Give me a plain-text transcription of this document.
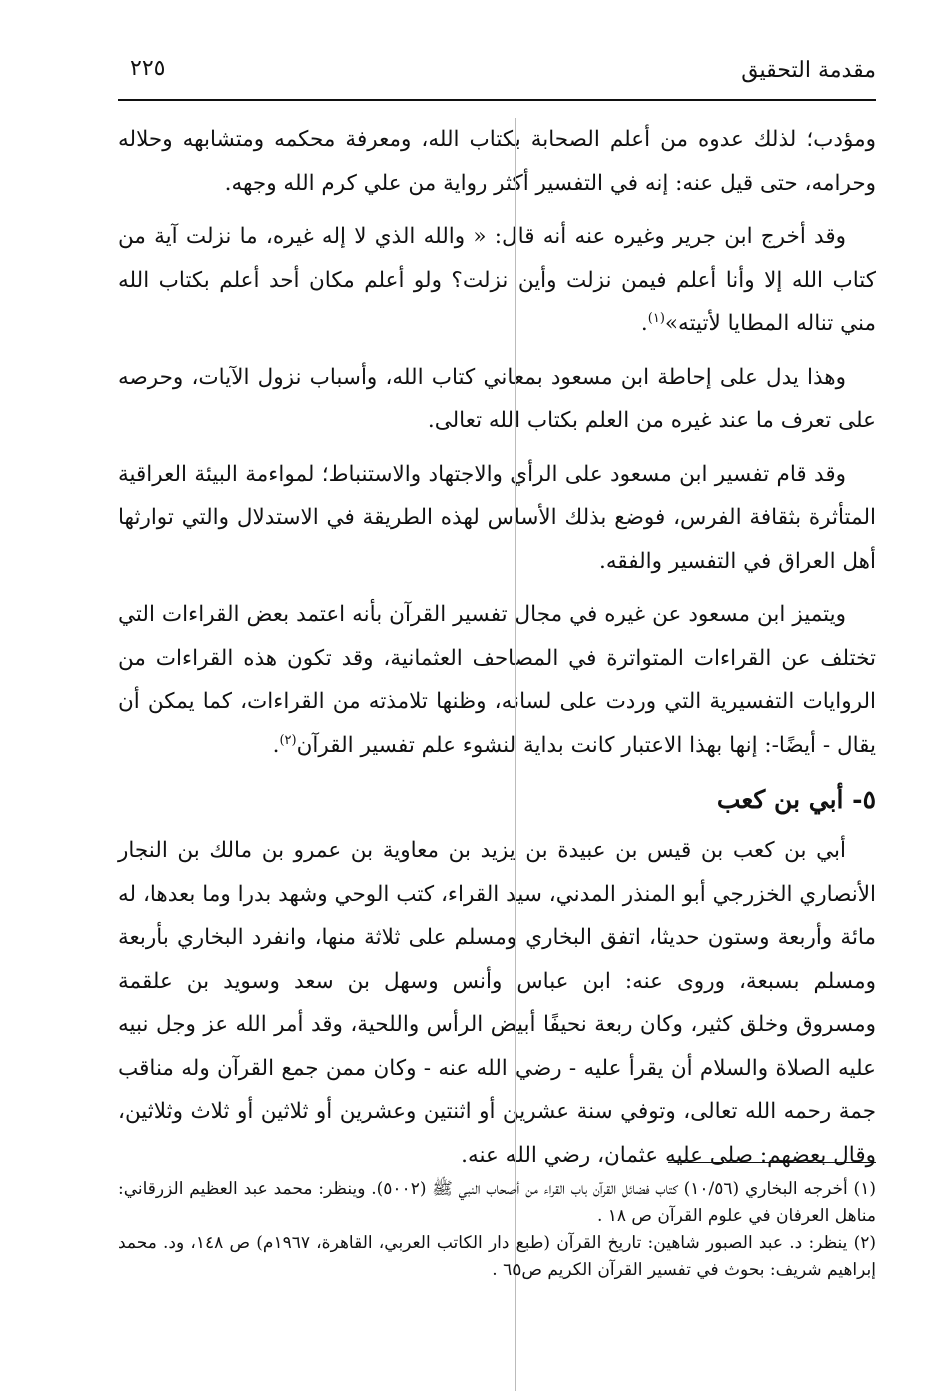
مقدمة التحقيق
٢٢٥

ومؤدب؛ لذلك عدوه من أعلم الصحابة بكتاب الله، ومعرفة محكمه ومتشابهه وحلاله وحرامه، حتى قيل عنه: إنه في التفسير أكثر رواية من علي كرم الله وجهه.

وقد أخرج ابن جرير وغيره عنه أنه قال: « والله الذي لا إله غيره، ما نزلت آية من كتاب الله إلا وأنا أعلم فيمن نزلت وأين نزلت؟ ولو أعلم مكان أحد أعلم بكتاب الله مني تناله المطايا لأتيته»$^{(١)}$.

وهذا يدل على إحاطة ابن مسعود بمعاني كتاب الله، وأسباب نزول الآيات، وحرصه على تعرف ما عند غيره من العلم بكتاب الله تعالى.

وقد قام تفسير ابن مسعود على الرأي والاجتهاد والاستنباط؛ لمواءمة البيئة العراقية المتأثرة بثقافة الفرس، فوضع بذلك الأساس لهذه الطريقة في الاستدلال والتي توارثها أهل العراق في التفسير والفقه.

ويتميز ابن مسعود عن غيره في مجال تفسير القرآن بأنه اعتمد بعض القراءات التي تختلف عن القراءات المتواترة في المصاحف العثمانية، وقد تكون هذه القراءات من الروايات التفسيرية التي وردت على لسانه، وظنها تلامذته من القراءات، كما يمكن أن يقال - أيضًا-: إنها بهذا الاعتبار كانت بداية لنشوء علم تفسير القرآن$^{(٢)}$.

٥- أبي بن كعب

أبي بن كعب بن قيس بن عبيدة بن يزيد بن معاوية بن عمرو بن مالك بن النجار الأنصاري الخزرجي أبو المنذر المدني، سيد القراء، كتب الوحي وشهد بدرا وما بعدها، له مائة وأربعة وستون حديثا، اتفق البخاري ومسلم على ثلاثة منها، وانفرد البخاري بأربعة ومسلم بسبعة، وروى عنه: ابن عباس وأنس وسهل بن سعد وسويد بن علقمة ومسروق وخلق كثير، وكان ربعة نحيفًا أبيض الرأس واللحية، وقد أمر الله عز وجل نبيه عليه الصلاة والسلام أن يقرأ عليه - رضي الله عنه - وكان ممن جمع القرآن وله مناقب جمة رحمه الله تعالى، وتوفي سنة عشرين أو اثنتين وعشرين أو ثلاثين أو ثلاث وثلاثين، وقال بعضهم: صلى عليه عثمان، رضي الله عنه.

(١) أخرجه البخاري (١٠/٥٦) كتاب فضائل القرآن باب القراء من أصحاب النبي ﷺ (٥٠٠٢). وينظر: محمد عبد العظيم الزرقاني: مناهل العرفان في علوم القرآن ص ١٨ .

(٢) ينظر: د. عبد الصبور شاهين: تاريخ القرآن (طبع دار الكاتب العربي، القاهرة، ١٩٦٧م) ص ١٤٨، ود. محمد إبراهيم شريف: بحوث في تفسير القرآن الكريم ص٦٥ .
